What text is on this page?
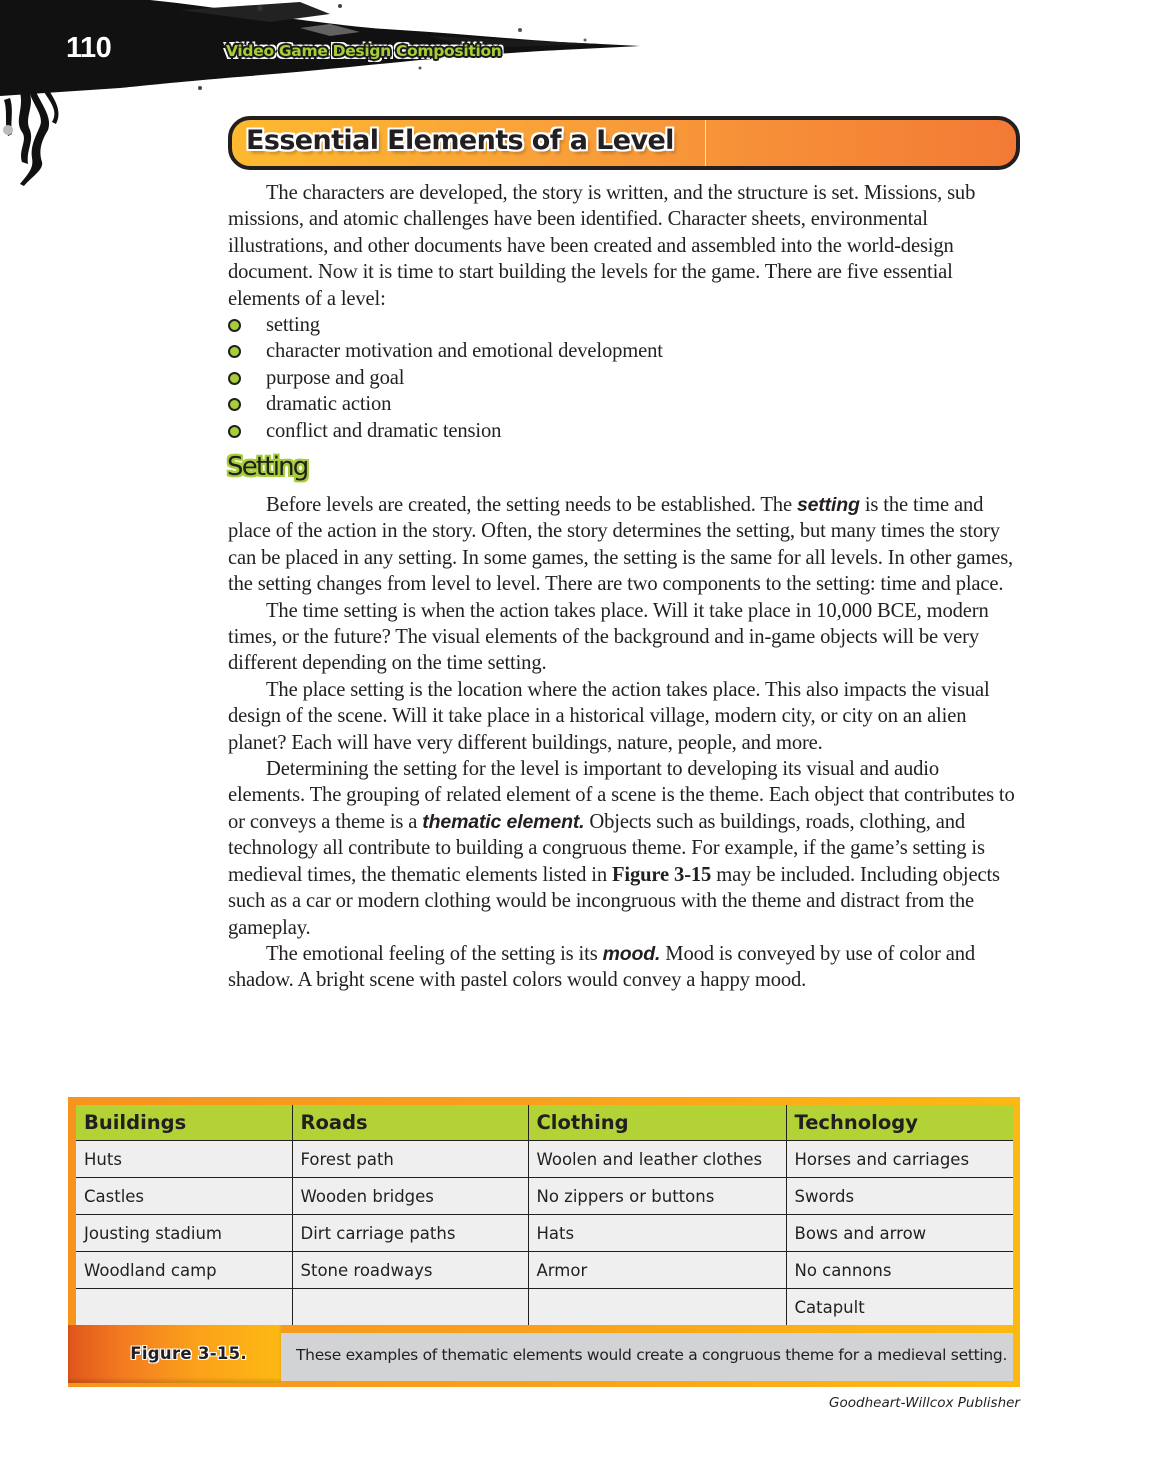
110	Video Game Design Composition
Essential Elements of a Level

The characters are developed, the story is written, and the structure is set. Missions, sub missions, and atomic challenges have been identified. Character sheets, environmental illustrations, and other documents have been created and assembled into the world-design document. Now it is time to start building the levels for the game. There are five essential elements of a level:

setting
character motivation and emotional development
purpose and goal
dramatic action
conflict and dramatic tension
Setting

Before levels are created, the setting needs to be established. The setting is the time and place of the action in the story. Often, the story determines the setting, but many times the story can be placed in any setting. In some games, the setting is the same for all levels. In other games, the setting changes from level to level. There are two components to the setting: time and place.

The time setting is when the action takes place. Will it take place in 10,000 BCE, modern times, or the future? The visual elements of the background and in-game objects will be very different depending on the time setting.

The place setting is the location where the action takes place. This also impacts the visual design of the scene. Will it take place in a historical village, modern city, or city on an alien planet? Each will have very different buildings, nature, people, and more.

Determining the setting for the level is important to developing its visual and audio elements. The grouping of related element of a scene is the theme. Each object that contributes to or conveys a theme is a thematic element. Objects such as buildings, roads, clothing, and technology all contribute to building a congruous theme. For example, if the game’s setting is medieval times, the thematic elements listed in Figure 3-15 may be included. Including objects such as a car or modern clothing would be incongruous with the theme and distract from the gameplay.

The emotional feeling of the setting is its mood. Mood is conveyed by use of color and shadow. A bright scene with pastel colors would convey a happy mood.

Buildings	Roads	Clothing	Technology
Huts	Forest path	Woolen and leather clothes	Horses and carriages
Castles	Wooden bridges	No zippers or buttons	Swords
Jousting stadium	Dirt carriage paths	Hats	Bows and arrow
Woodland camp	Stone roadways	Armor	No cannons
			Catapult
Figure 3-15.	These examples of thematic elements would create a congruous theme for a medieval setting.
Goodheart-Willcox Publisher
